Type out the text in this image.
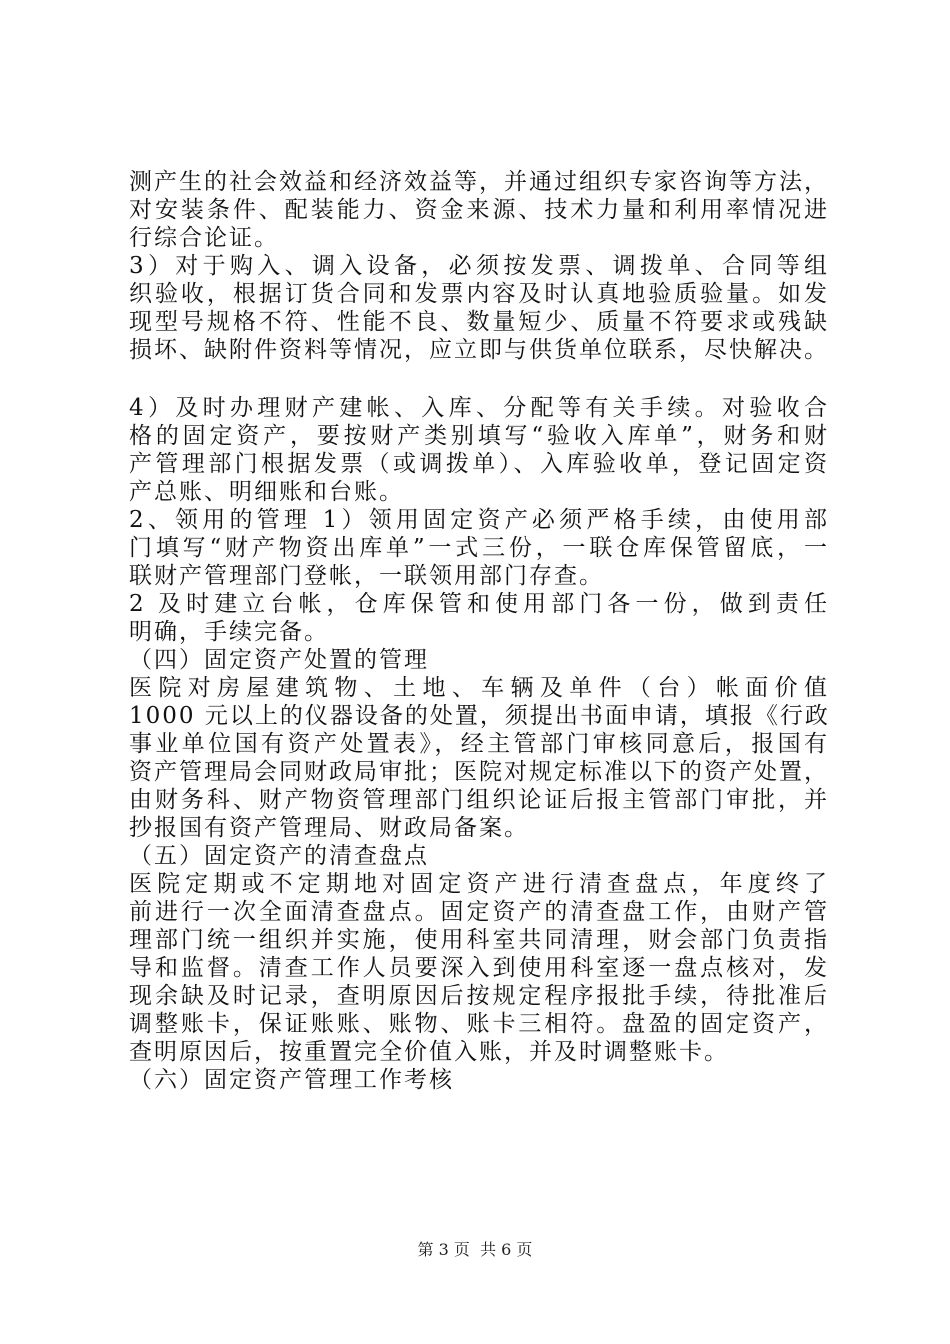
测产生的社会效益和经济效益等，并通过组织专家咨询等方法，
对安装条件、配装能力、资金来源、技术力量和利用率情况进
行综合论证。
3）对于购入、调入设备，必须按发票、调拨单、合同等组
织验收，根据订货合同和发票内容及时认真地验质验量。如发
现型号规格不符、性能不良、数量短少、质量不符要求或残缺
损坏、缺附件资料等情况，应立即与供货单位联系，尽快解决。
4）及时办理财产建帐、入库、分配等有关手续。对验收合
格的固定资产，要按财产类别填写“验收入库单”，财务和财
产管理部门根据发票（或调拨单）、入库验收单，登记固定资
产总账、明细账和台账。
2、领用的管理 1）领用固定资产必须严格手续，由使用部
门填写“财产物资出库单”一式三份，一联仓库保管留底，一
联财产管理部门登帐，一联领用部门存查。
2 及时建立台帐，仓库保管和使用部门各一份，做到责任
明确，手续完备。
（四）固定资产处置的管理
医院对房屋建筑物、土地、车辆及单件（台）帐面价值
1000 元以上的仪器设备的处置，须提出书面申请，填报《行政
事业单位国有资产处置表》，经主管部门审核同意后，报国有
资产管理局会同财政局审批；医院对规定标准以下的资产处置，
由财务科、财产物资管理部门组织论证后报主管部门审批，并
抄报国有资产管理局、财政局备案。
（五）固定资产的清查盘点
医院定期或不定期地对固定资产进行清查盘点，年度终了
前进行一次全面清查盘点。固定资产的清查盘工作，由财产管
理部门统一组织并实施，使用科室共同清理，财会部门负责指
导和监督。清查工作人员要深入到使用科室逐一盘点核对，发
现余缺及时记录，查明原因后按规定程序报批手续，待批准后
调整账卡，保证账账、账物、账卡三相符。盘盈的固定资产，
查明原因后，按重置完全价值入账，并及时调整账卡。
（六）固定资产管理工作考核
第 3 页  共 6 页
